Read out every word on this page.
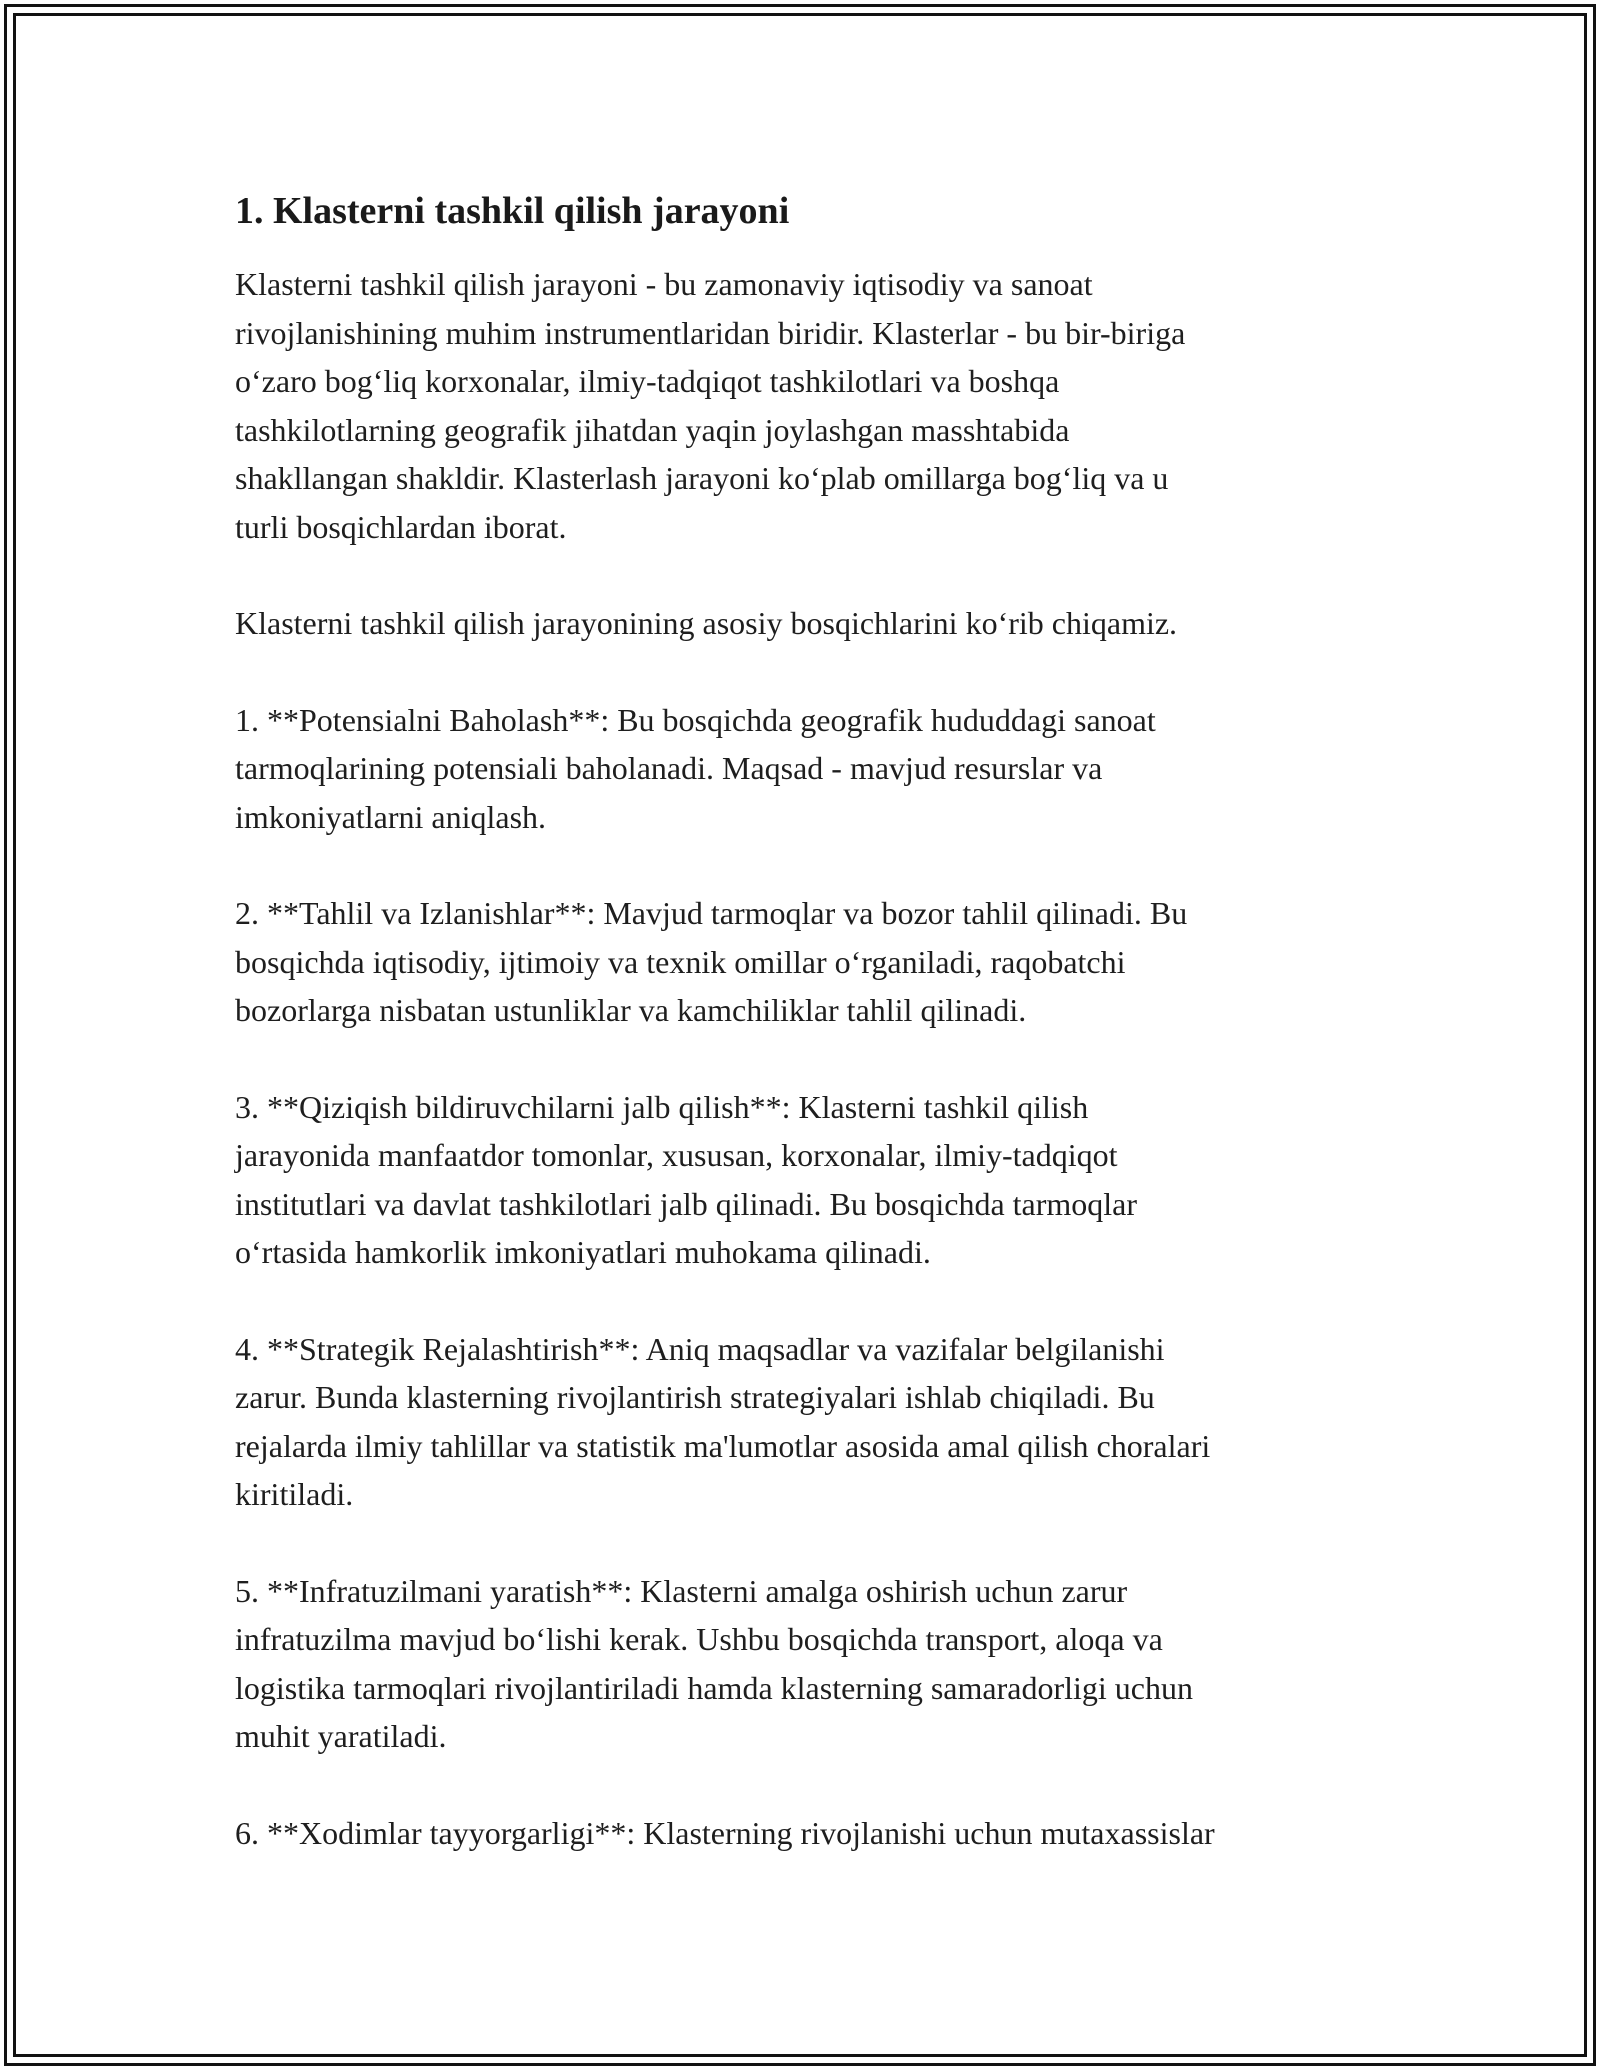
1. Klasterni tashkil qilish jarayoni

Klasterni tashkil qilish jarayoni - bu zamonaviy iqtisodiy va sanoat
rivojlanishining muhim instrumentlaridan biridir. Klasterlar - bu bir-biriga
o‘zaro bog‘liq korxonalar, ilmiy-tadqiqot tashkilotlari va boshqa
tashkilotlarning geografik jihatdan yaqin joylashgan masshtabida
shakllangan shakldir. Klasterlash jarayoni ko‘plab omillarga bog‘liq va u
turli bosqichlardan iborat.

Klasterni tashkil qilish jarayonining asosiy bosqichlarini ko‘rib chiqamiz.

1. **Potensialni Baholash**: Bu bosqichda geografik hududdagi sanoat
tarmoqlarining potensiali baholanadi. Maqsad - mavjud resurslar va
imkoniyatlarni aniqlash.

2. **Tahlil va Izlanishlar**: Mavjud tarmoqlar va bozor tahlil qilinadi. Bu
bosqichda iqtisodiy, ijtimoiy va texnik omillar o‘rganiladi, raqobatchi
bozorlarga nisbatan ustunliklar va kamchiliklar tahlil qilinadi.

3. **Qiziqish bildiruvchilarni jalb qilish**: Klasterni tashkil qilish
jarayonida manfaatdor tomonlar, xususan, korxonalar, ilmiy-tadqiqot
institutlari va davlat tashkilotlari jalb qilinadi. Bu bosqichda tarmoqlar
o‘rtasida hamkorlik imkoniyatlari muhokama qilinadi.

4. **Strategik Rejalashtirish**: Aniq maqsadlar va vazifalar belgilanishi
zarur. Bunda klasterning rivojlantirish strategiyalari ishlab chiqiladi. Bu
rejalarda ilmiy tahlillar va statistik ma'lumotlar asosida amal qilish choralari
kiritiladi.

5. **Infratuzilmani yaratish**: Klasterni amalga oshirish uchun zarur
infratuzilma mavjud bo‘lishi kerak. Ushbu bosqichda transport, aloqa va
logistika tarmoqlari rivojlantiriladi hamda klasterning samaradorligi uchun
muhit yaratiladi.

6. **Xodimlar tayyorgarligi**: Klasterning rivojlanishi uchun mutaxassislar
